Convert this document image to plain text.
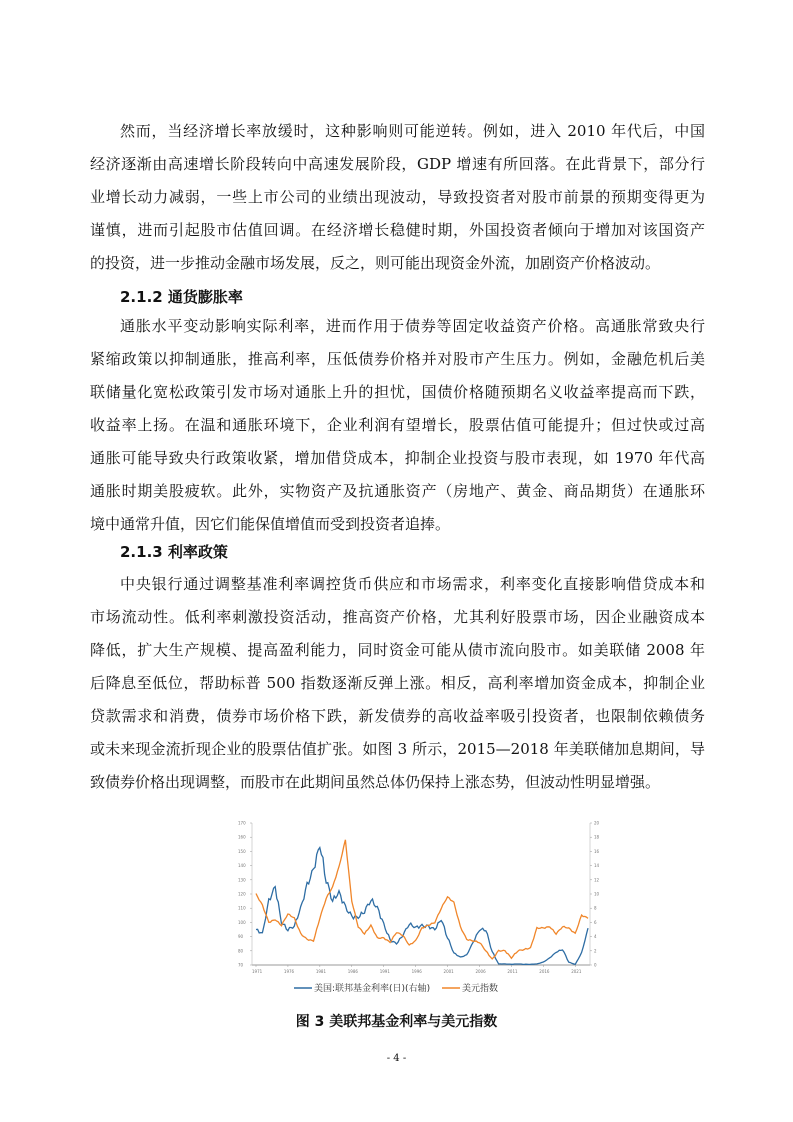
然而，当经济增长率放缓时，这种影响则可能逆转。例如，进入 2010 年代后，中国
经济逐渐由高速增长阶段转向中高速发展阶段，GDP 增速有所回落。在此背景下，部分行
业增长动力减弱，一些上市公司的业绩出现波动，导致投资者对股市前景的预期变得更为
谨慎，进而引起股市估值回调。在经济增长稳健时期，外国投资者倾向于增加对该国资产
的投资，进一步推动金融市场发展，反之，则可能出现资金外流，加剧资产价格波动。
2.1.2 通货膨胀率
通胀水平变动影响实际利率，进而作用于债券等固定收益资产价格。高通胀常致央行
紧缩政策以抑制通胀，推高利率，压低债券价格并对股市产生压力。例如，金融危机后美
联储量化宽松政策引发市场对通胀上升的担忧，国债价格随预期名义收益率提高而下跌，
收益率上扬。在温和通胀环境下，企业利润有望增长，股票估值可能提升；但过快或过高
通胀可能导致央行政策收紧，增加借贷成本，抑制企业投资与股市表现，如 1970 年代高
通胀时期美股疲软。此外，实物资产及抗通胀资产（房地产、黄金、商品期货）在通胀环
境中通常升值，因它们能保值增值而受到投资者追捧。
2.1.3 利率政策
中央银行通过调整基准利率调控货币供应和市场需求，利率变化直接影响借贷成本和
市场流动性。低利率刺激投资活动，推高资产价格，尤其利好股票市场，因企业融资成本
降低，扩大生产规模、提高盈利能力，同时资金可能从债市流向股市。如美联储 2008 年
后降息至低位，帮助标普 500 指数逐渐反弹上涨。相反，高利率增加资金成本，抑制企业
贷款需求和消费，债券市场价格下跌，新发债券的高收益率吸引投资者，也限制依赖债务
或未来现金流折现企业的股票估值扩张。如图 3 所示，2015—2018 年美联储加息期间，导
致债券价格出现调整，而股市在此期间虽然总体仍保持上涨态势，但波动性明显增强。
1971	1976	1981	1986	1991	1996	2001	2006	2011	2016	2021
70
80
90
100
110
120
130
140
150
160
170
0
2
4
6
8
10
12
14
16
18
20
美国:联邦基金利率(日)(右轴)	美元指数
图 3 美联邦基金利率与美元指数
- 4 -
